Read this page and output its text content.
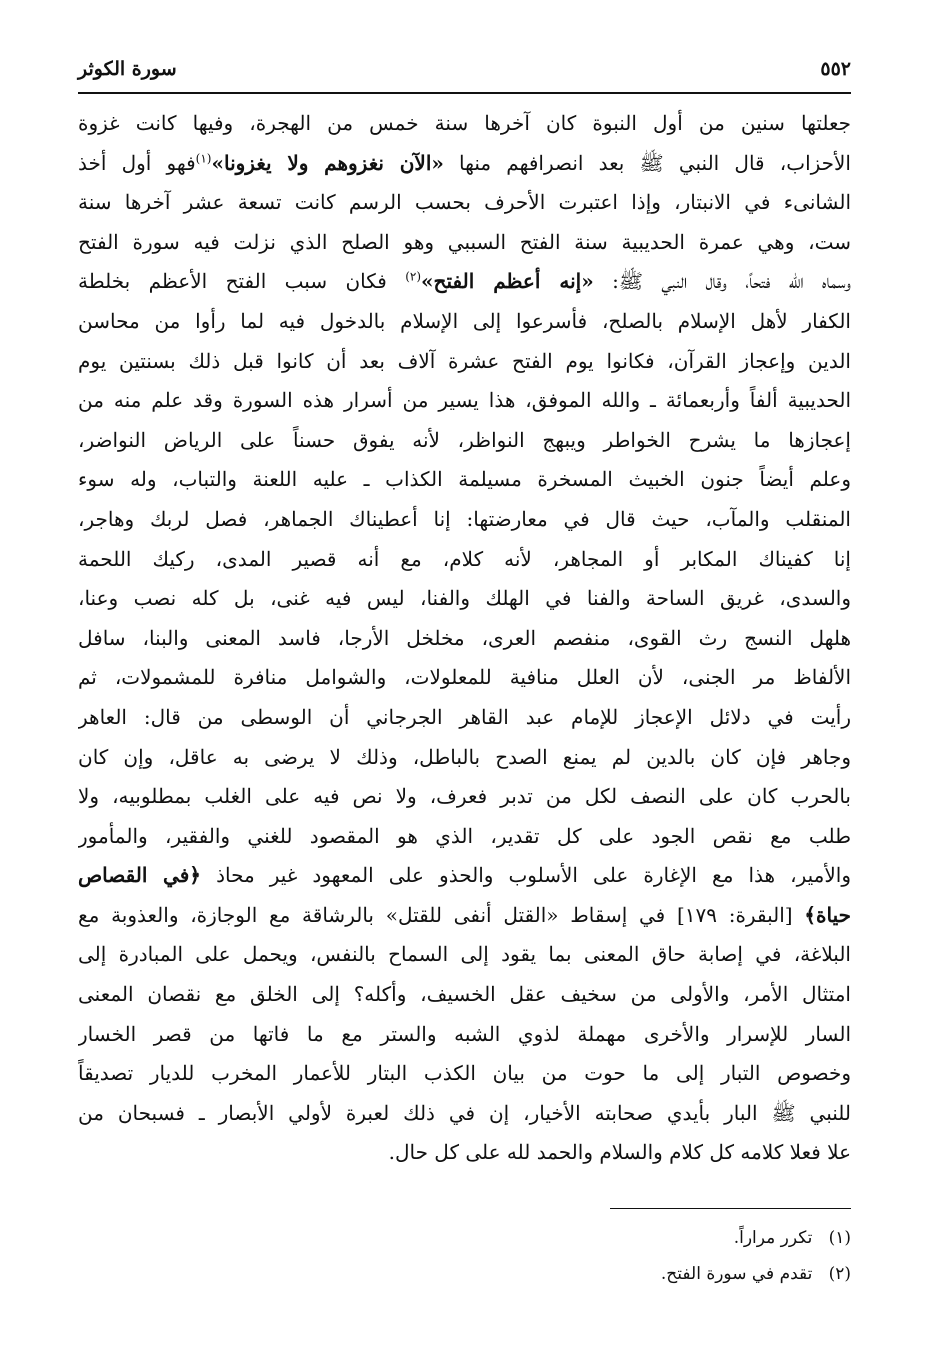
٥٥٢
سورة الكوثر
جعلتها سنين من أول النبوة كان آخرها سنة خمس من الهجرة، وفيها كانت غزوة
الأحزاب، قال النبي ﷺ بعد انصرافهم منها «الآن نغزوهم ولا يغزونا»$^{(١)}$فهو أول أخذ
الشانىء في الانبتار، وإذا اعتبرت الأحرف بحسب الرسم كانت تسعة عشر آخرها سنة
ست، وهي عمرة الحديبية سنة الفتح السببي وهو الصلح الذي نزلت فيه سورة الفتح
وسماه الله فتحاً، وقال النبي ﷺ: «إنه أعظم الفتح»$^{(٢)}$ فكان سبب الفتح الأعظم بخلطة
الكفار لأهل الإسلام بالصلح، فأسرعوا إلى الإسلام بالدخول فيه لما رأوا من محاسن
الدين وإعجاز القرآن، فكانوا يوم الفتح عشرة آلاف بعد أن كانوا قبل ذلك بسنتين يوم
الحديبية ألفاً وأربعمائة ـ والله الموفق، هذا يسير من أسرار هذه السورة وقد علم منه من
إعجازها ما يشرح الخواطر ويبهج النواظر، لأنه يفوق حسناً على الرياض النواضر،
وعلم أيضاً جنون الخبيث المسخرة مسيلمة الكذاب ـ عليه اللعنة والتباب، وله سوء
المنقلب والمآب، حيث قال في معارضتها: إنا أعطيناك الجماهر، فصل لربك وهاجر،
إنا كفيناك المكابر أو المجاهر، لأنه كلام، مع أنه قصير المدى، ركيك اللحمة
والسدى، غريق الساحة والفنا في الهلك والفنا، ليس فيه غنى، بل كله نصب وعنا،
هلهل النسج رث القوى، منفصم العرى، مخلخل الأرجا، فاسد المعنى والبنا، سافل
الألفاظ مر الجنى، لأن العلل منافية للمعلولات، والشوامل منافرة للمشمولات، ثم
رأيت في دلائل الإعجاز للإمام عبد القاهر الجرجاني أن الوسطى من قال: العاهر
وجاهر فإن كان بالدين لم يمنع الصدح بالباطل، وذلك لا يرضى به عاقل، وإن كان
بالحرب كان على النصف لكل من تدبر فعرف، ولا نص فيه على الغلب بمطلوبيه، ولا
طلب مع نقص الجود على كل تقدير، الذي هو المقصود للغني والفقير، والمأمور
والأمير، هذا مع الإغارة على الأسلوب والحذو على المعهود غير محاذ ﴿في القصاص
حياة﴾ [البقرة: ١٧٩] في إسقاط «القتل أنفى للقتل» بالرشاقة مع الوجازة، والعذوبة مع
البلاغة، في إصابة حاق المعنى بما يقود إلى السماح بالنفس، ويحمل على المبادرة إلى
امتثال الأمر، والأولى من سخيف عقل الخسيف، وأكله؟ إلى الخلق مع نقصان المعنى
السار للإسرار والأخرى مهملة لذوي الشبه والستر مع ما فاتها من قصر الخسار
وخصوص التبار إلى ما حوت من بيان الكذب البتار للأعمار المخرب للديار تصديقاً
للنبي ﷺ البار بأيدي صحابته الأخيار، إن في ذلك لعبرة لأولي الأبصار ـ فسبحان من
علا فعلا كلامه كل كلام والسلام والحمد لله على كل حال.
(١)   تكرر مراراً.
(٢)   تقدم في سورة الفتح.
